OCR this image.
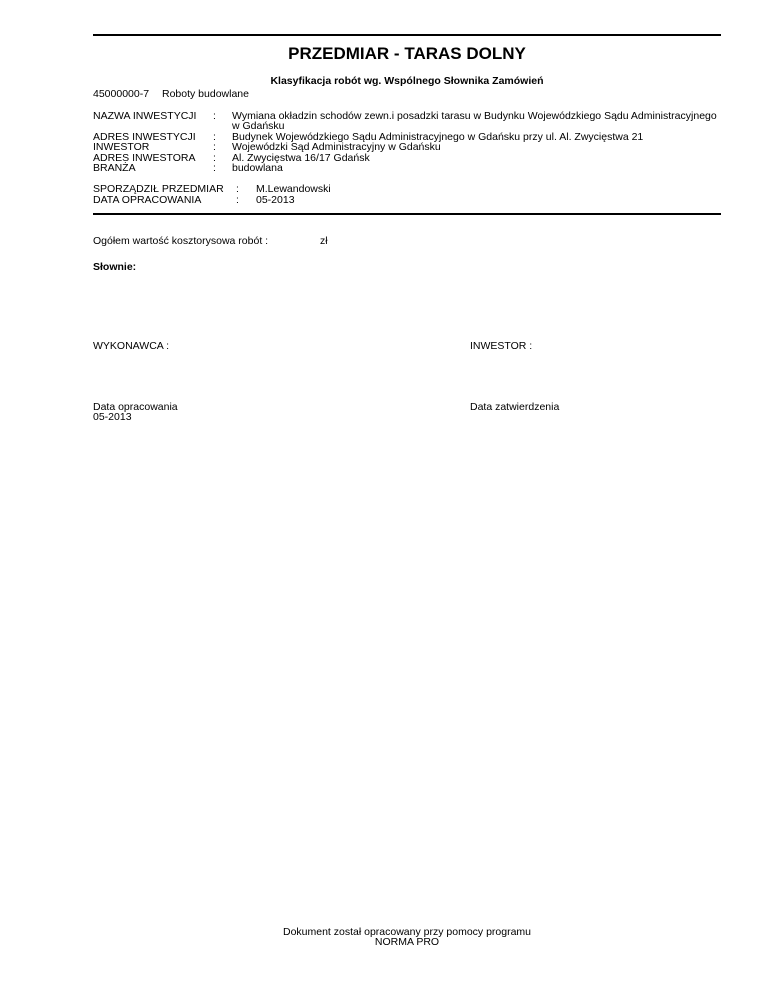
PRZEDMIAR - TARAS DOLNY
Klasyfikacja robót wg. Wspólnego Słownika Zamówień
45000000-7 Roboty budowlane
NAZWA INWESTYCJI : Wymiana okładzin schodów zewn.i posadzki tarasu w Budynku Wojewódzkiego Sądu Administracyjnego
w Gdańsku
ADRES INWESTYCJI : Budynek Wojewódzkiego Sądu Administracyjnego w Gdańsku przy ul. Al. Zwycięstwa 21
INWESTOR	: Wojewódzki Sąd Administracyjny w Gdańsku
ADRES INWESTORA : Al. Zwycięstwa 16/17 Gdańsk
BRANŻA	: budowlana
SPORZĄDZIŁ PRZEDMIAR : M.Lewandowski
DATA OPRACOWANIA	: 05-2013
Ogółem wartość kosztorysowa robót :	zł
Słownie:
WYKONAWCA :	INWESTOR :
Data opracowania
05-2013
Data zatwierdzenia
Dokument został opracowany przy pomocy programu
NORMA PRO
